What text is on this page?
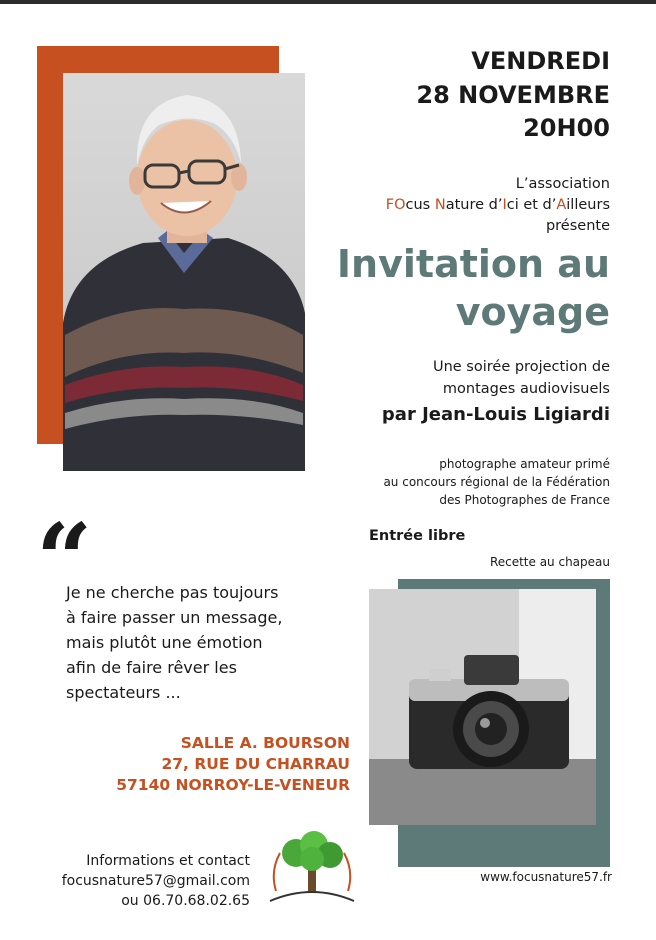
VENDREDI
28 NOVEMBRE
20H00
L’association
FOcus Nature d’Ici et d’Ailleurs
présente
Invitation au
voyage
Une soirée projection de
montages audiovisuels
par Jean-Louis Ligiardi
photographe amateur primé
au concours régional de la Fédération
des Photographes de France
Entrée libre
Recette au chapeau
“
Je ne cherche pas toujours
à faire passer un message,
mais plutôt une émotion
afin de faire rêver les
spectateurs ...
SALLE A. BOURSON
27, RUE DU CHARRAU
57140 NORROY-LE-VENEUR
Informations et contact
focusnature57@gmail.com
ou 06.70.68.02.65
www.focusnature57.fr
